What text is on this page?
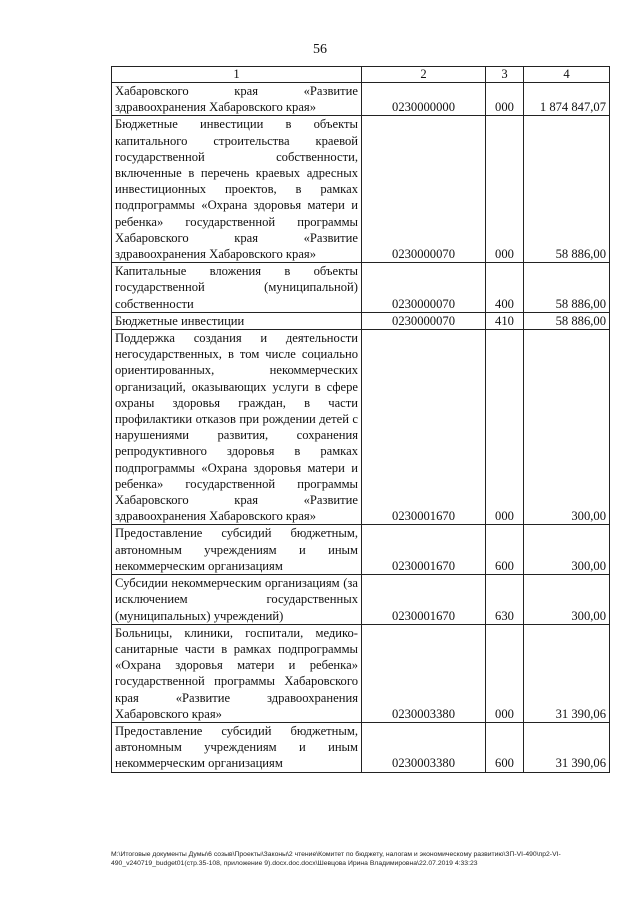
56
1	2	3	4
Хабаровского края «Развитие здравоохранения Хабаровского края»	0230000000	000	1 874 847,07
Бюджетные инвестиции в объекты капитального строительства краевой государственной собственности, включенные в перечень краевых адресных инвестиционных проектов, в рамках подпрограммы «Охрана здоровья матери и ребенка» государственной программы Хабаровского края «Развитие здравоохранения Хабаровского края»	0230000070	000	58 886,00
Капитальные вложения в объекты государственной (муниципальной) собственности	0230000070	400	58 886,00
Бюджетные инвестиции	0230000070	410	58 886,00
Поддержка создания и деятельности негосударственных, в том числе социально ориентированных, некоммерческих организаций, оказывающих услуги в сфере охраны здоровья граждан, в части профилактики отказов при рождении детей с нарушениями развития, сохранения репродуктивного здоровья в рамках подпрограммы «Охрана здоровья матери и ребенка» государственной программы Хабаровского края «Развитие здравоохранения Хабаровского края»	0230001670	000	300,00
Предоставление субсидий бюджетным, автономным учреждениям и иным некоммерческим организациям	0230001670	600	300,00
Субсидии некоммерческим организациям (за исключением государственных (муниципальных) учреждений)	0230001670	630	300,00
Больницы, клиники, госпитали, медико-санитарные части в рамках подпрограммы «Охрана здоровья матери и ребенка» государственной программы Хабаровского края «Развитие здравоохранения Хабаровского края»	0230003380	000	31 390,06
Предоставление субсидий бюджетным, автономным учреждениям и иным некоммерческим организациям	0230003380	600	31 390,06
M:\Итоговые документы Думы\6 созыв\Проекты\Законы\2 чтение\Комитет по бюджету, налогам и экономическому развитию\ЗП-VI-490\пр2-VI-490_v240719_budget01(стр.35-108, приложение 9).docx.doc.docx\Шевцова Ирина Владимировна\22.07.2019 4:33:23
